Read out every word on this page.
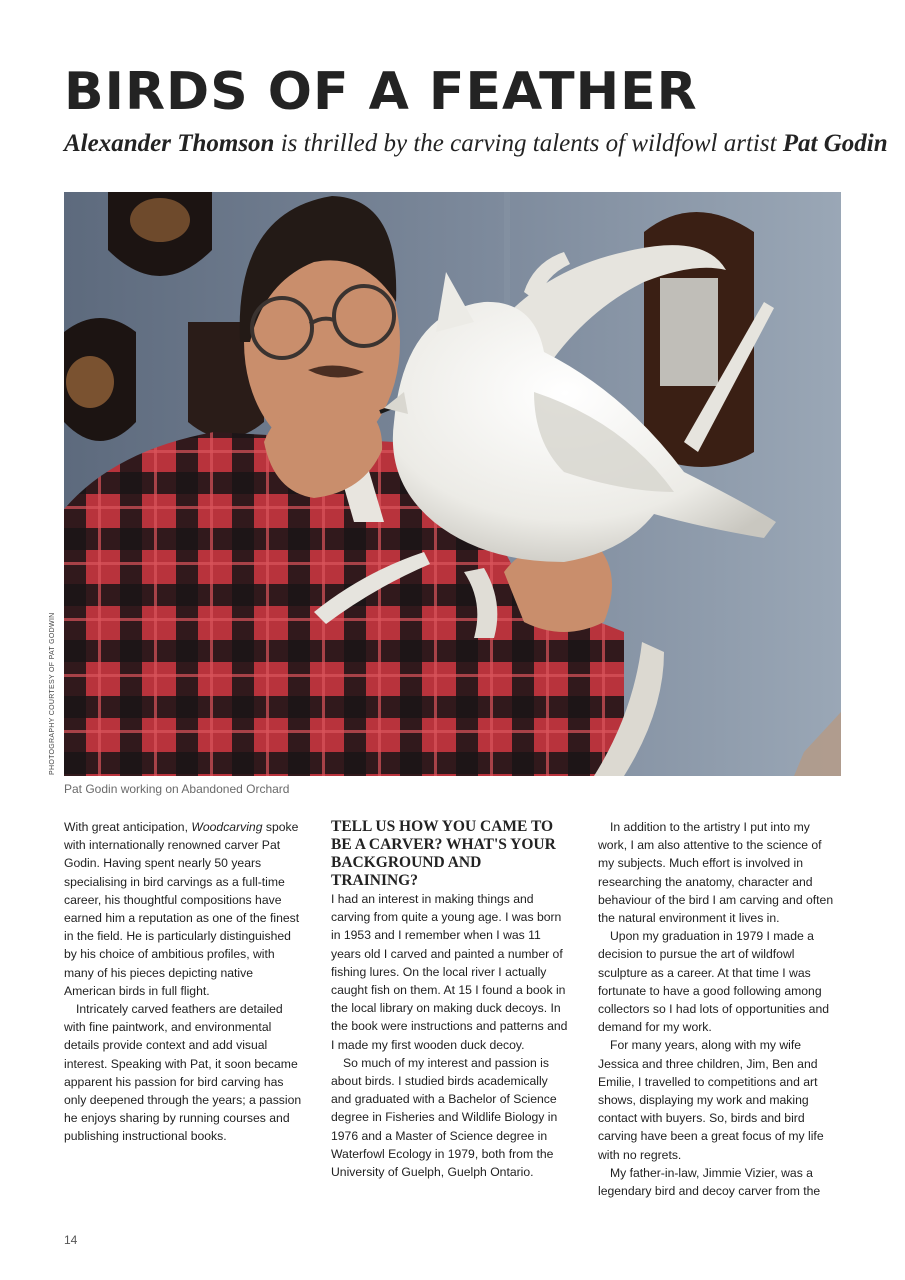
BIRDS OF A FEATHER

Alexander Thomson is thrilled by the carving talents of wildfowl artist Pat Godin

PHOTOGRAPHY COURTESY OF PAT GODWIN
Pat Godin working on Abandoned Orchard

With great anticipation, Woodcarving spoke with internationally renowned carver Pat Godin. Having spent nearly 50 years specialising in bird carvings as a full-time career, his thoughtful compositions have earned him a reputation as one of the finest in the field. He is particularly distinguished by his choice of ambitious profiles, with many of his pieces depicting native American birds in full flight.

Intricately carved feathers are detailed with fine paintwork, and environmental details provide context and add visual interest. Speaking with Pat, it soon became apparent his passion for bird carving has only deepened through the years; a passion he enjoys sharing by running courses and publishing instructional books.

TELL US HOW YOU CAME TO BE A CARVER? WHAT'S YOUR BACKGROUND AND TRAINING?

I had an interest in making things and carving from quite a young age. I was born in 1953 and I remember when I was 11 years old I carved and painted a number of fishing lures. On the local river I actually caught fish on them. At 15 I found a book in the local library on making duck decoys. In the book were instructions and patterns and I made my first wooden duck decoy.

So much of my interest and passion is about birds. I studied birds academically and graduated with a Bachelor of Science degree in Fisheries and Wildlife Biology in 1976 and a Master of Science degree in Waterfowl Ecology in 1979, both from the University of Guelph, Guelph Ontario.

In addition to the artistry I put into my work, I am also attentive to the science of my subjects. Much effort is involved in researching the anatomy, character and behaviour of the bird I am carving and often the natural environment it lives in.

Upon my graduation in 1979 I made a decision to pursue the art of wildfowl sculpture as a career. At that time I was fortunate to have a good following among collectors so I had lots of opportunities and demand for my work.

For many years, along with my wife Jessica and three children, Jim, Ben and Emilie, I travelled to competitions and art shows, displaying my work and making contact with buyers. So, birds and bird carving have been a great focus of my life with no regrets.

My father-in-law, Jimmie Vizier, was a legendary bird and decoy carver from the

14
